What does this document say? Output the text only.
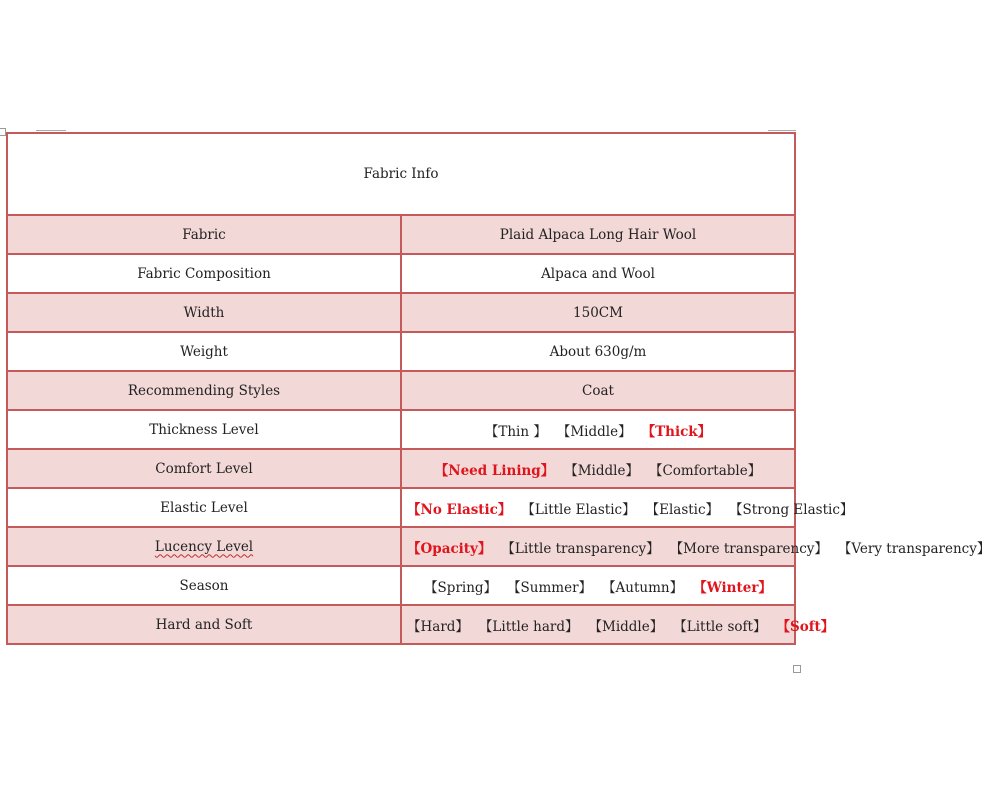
Fabric Info	
Fabric	Plaid Alpaca Long Hair Wool
Fabric Composition	Alpaca and Wool
Width	150CM
Weight	About 630g/m
Recommending Styles	Coat
Thickness Level	【Thin 】 【Middle】 【Thick】
Comfort Level	【Need Lining】 【Middle】 【Comfortable】
Elastic Level	【No Elastic】 【Little Elastic】 【Elastic】 【Strong Elastic】
Lucency Level	【Opacity】 【Little transparency】 【More transparency】 【Very transparency】
Season	【Spring】 【Summer】 【Autumn】 【Winter】
Hard and Soft	【Hard】 【Little hard】 【Middle】 【Little soft】 【Soft】
